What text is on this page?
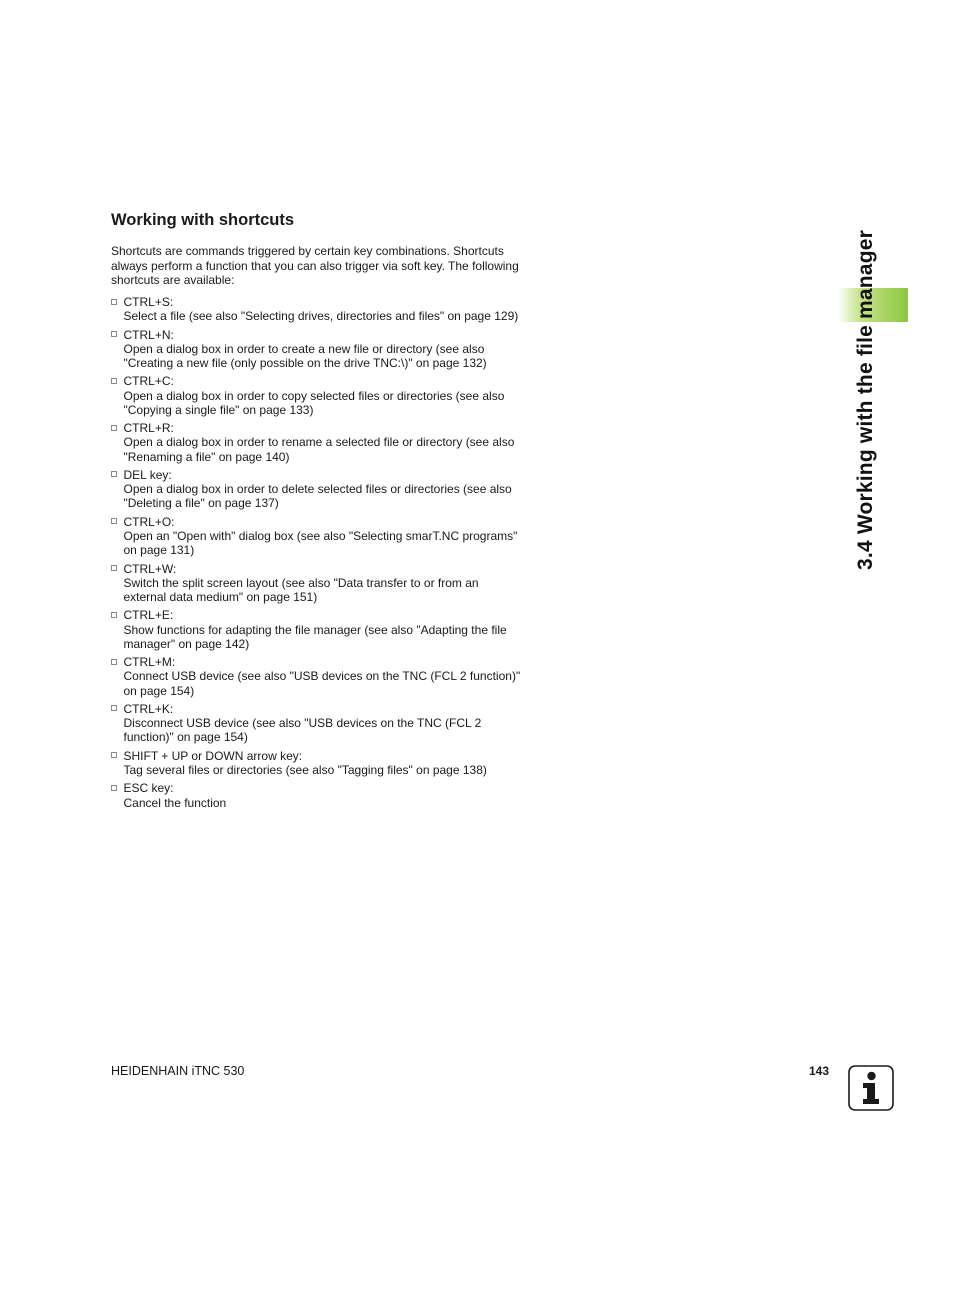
Working with shortcuts

Shortcuts are commands triggered by certain key combinations. Shortcuts always perform a function that you can also trigger via soft key. The following shortcuts are available:

CTRL+S:
Select a file (see also "Selecting drives, directories and files" on page 129)
CTRL+N:
Open a dialog box in order to create a new file or directory (see also "Creating a new file (only possible on the drive TNC:\)" on page 132)
CTRL+C:
Open a dialog box in order to copy selected files or directories (see also "Copying a single file" on page 133)
CTRL+R:
Open a dialog box in order to rename a selected file or directory (see also "Renaming a file" on page 140)
DEL key:
Open a dialog box in order to delete selected files or directories (see also "Deleting a file" on page 137)
CTRL+O:
Open an "Open with" dialog box (see also "Selecting smarT.NC programs" on page 131)
CTRL+W:
Switch the split screen layout (see also "Data transfer to or from an external data medium" on page 151)
CTRL+E:
Show functions for adapting the file manager (see also "Adapting the file manager" on page 142)
CTRL+M:
Connect USB device (see also "USB devices on the TNC (FCL 2 function)" on page 154)
CTRL+K:
Disconnect USB device (see also "USB devices on the TNC (FCL 2 function)" on page 154)
SHIFT + UP or DOWN arrow key:
Tag several files or directories (see also "Tagging files" on page 138)
ESC key:
Cancel the function
3.4 Working with the file manager
HEIDENHAIN iTNC 530	143
